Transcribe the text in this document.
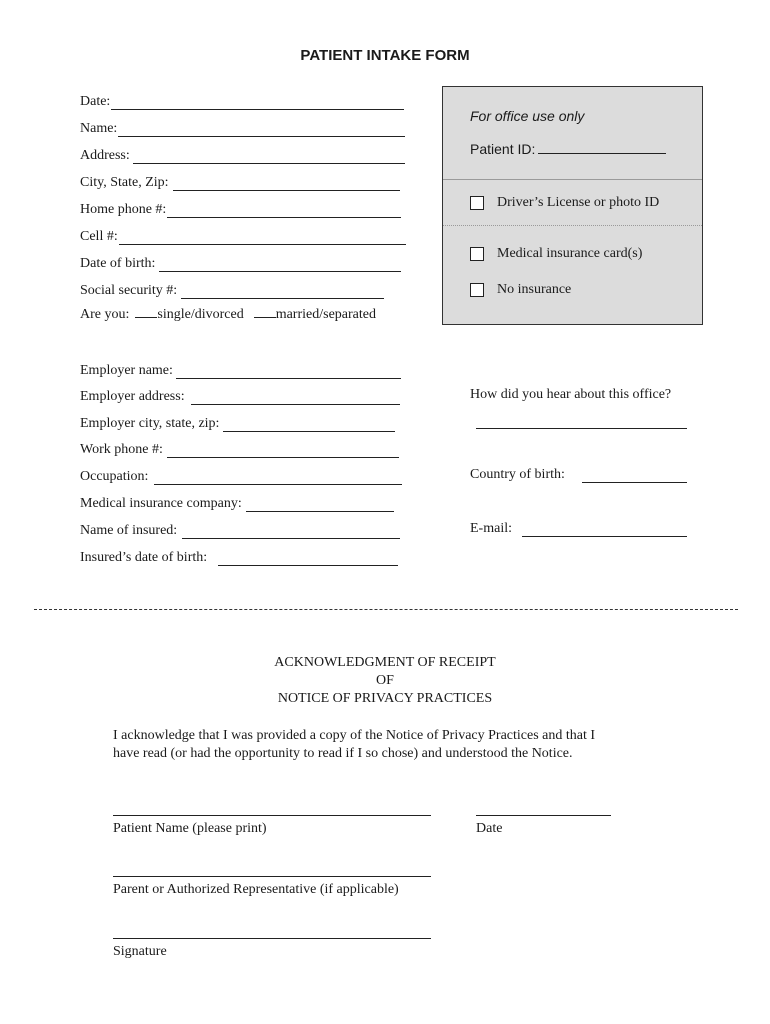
PATIENT INTAKE FORM
Date:
Name:
Address:
City, State, Zip:
Home phone #:
Cell #:
Date of birth:
Social security #:
Are you: single/divorced married/separated
For office use only
Patient ID:
Driver’s License or photo ID
Medical insurance card(s)
No insurance
Employer name:
Employer address:
Employer city, state, zip:
Work phone #:
Occupation:
Medical insurance company:
Name of insured:
Insured’s date of birth:
How did you hear about this office?
Country of birth:
E-mail:
ACKNOWLEDGMENT OF RECEIPT
OF
NOTICE OF PRIVACY PRACTICES
I acknowledge that I was provided a copy of the Notice of Privacy Practices and that I
have read (or had the opportunity to read if I so chose) and understood the Notice.
Patient Name (please print)	Date
Parent or Authorized Representative (if applicable)
Signature
